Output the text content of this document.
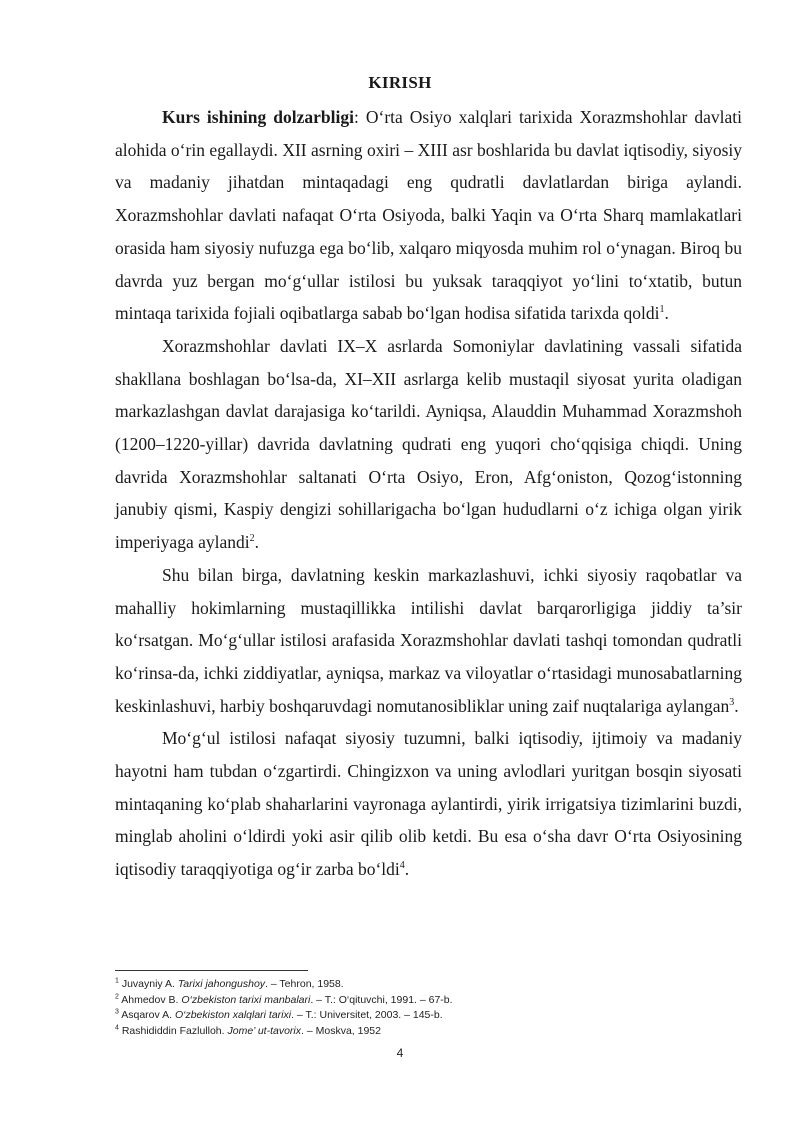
KIRISH

Kurs ishining dolzarbligi: O‘rta Osiyo xalqlari tarixida Xorazmshohlar davlati alohida o‘rin egallaydi. XII asrning oxiri – XIII asr boshlarida bu davlat iqtisodiy, siyosiy va madaniy jihatdan mintaqadagi eng qudratli davlatlardan biriga aylandi. Xorazmshohlar davlati nafaqat O‘rta Osiyoda, balki Yaqin va O‘rta Sharq mamlakatlari orasida ham siyosiy nufuzga ega bo‘lib, xalqaro miqyosda muhim rol o‘ynagan. Biroq bu davrda yuz bergan mo‘g‘ullar istilosi bu yuksak taraqqiyot yo‘lini to‘xtatib, butun mintaqa tarixida fojiali oqibatlarga sabab bo‘lgan hodisa sifatida tarixda qoldi$^1$.

Xorazmshohlar davlati IX–X asrlarda Somoniylar davlatining vassali sifatida shakllana boshlagan bo‘lsa-da, XI–XII asrlarga kelib mustaqil siyosat yurita oladigan markazlashgan davlat darajasiga ko‘tarildi. Ayniqsa, Alauddin Muhammad Xorazmshoh (1200–1220-yillar) davrida davlatning qudrati eng yuqori cho‘qqisiga chiqdi. Uning davrida Xorazmshohlar saltanati O‘rta Osiyo, Eron, Afg‘oniston, Qozog‘istonning janubiy qismi, Kaspiy dengizi sohillarigacha bo‘lgan hududlarni o‘z ichiga olgan yirik imperiyaga aylandi$^2$.

Shu bilan birga, davlatning keskin markazlashuvi, ichki siyosiy raqobatlar va mahalliy hokimlarning mustaqillikka intilishi davlat barqarorligiga jiddiy ta’sir ko‘rsatgan. Mo‘g‘ullar istilosi arafasida Xorazmshohlar davlati tashqi tomondan qudratli ko‘rinsa-da, ichki ziddiyatlar, ayniqsa, markaz va viloyatlar o‘rtasidagi munosabatlarning keskinlashuvi, harbiy boshqaruvdagi nomutanosibliklar uning zaif nuqtalariga aylangan$^3$.

Mo‘g‘ul istilosi nafaqat siyosiy tuzumni, balki iqtisodiy, ijtimoiy va madaniy hayotni ham tubdan o‘zgartirdi. Chingizxon va uning avlodlari yuritgan bosqin siyosati mintaqaning ko‘plab shaharlarini vayronaga aylantirdi, yirik irrigatsiya tizimlarini buzdi, minglab aholini o‘ldirdi yoki asir qilib olib ketdi. Bu esa o‘sha davr O‘rta Osiyosining iqtisodiy taraqqiyotiga og‘ir zarba bo‘ldi$^4$.

$^1$ Juvayniy A. Tarixi jahongushoy. – Tehron, 1958.

$^2$ Ahmedov B. O‘zbekiston tarixi manbalari. – T.: O‘qituvchi, 1991. – 67-b.

$^3$ Asqarov A. O‘zbekiston xalqlari tarixi. – T.: Universitet, 2003. – 145-b.

$^4$ Rashididdin Fazlulloh. Jome’ ut-tavorix. – Moskva, 1952

4
